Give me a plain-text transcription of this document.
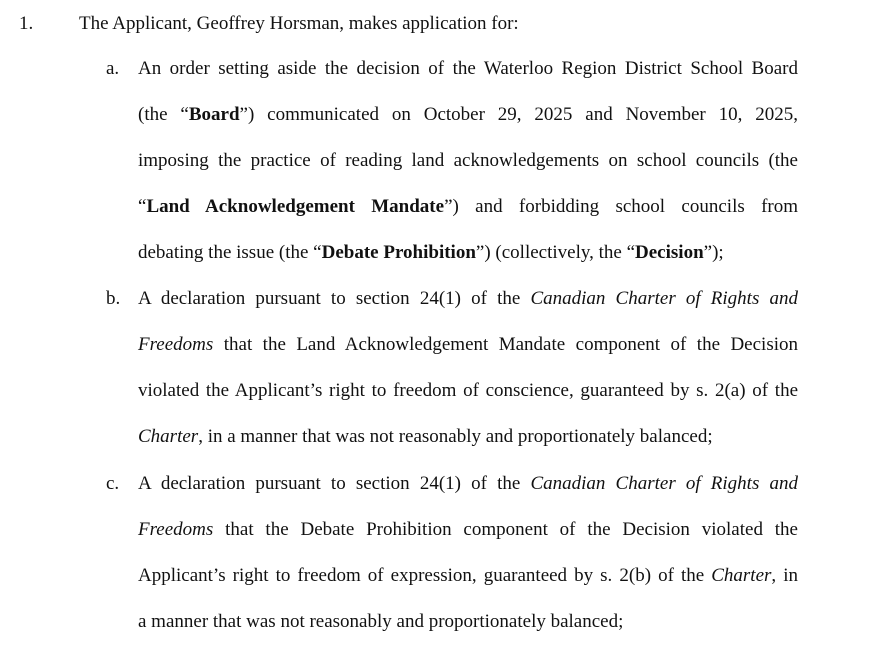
1. The Applicant, Geoffrey Horsman, makes application for:

a. An order setting aside the decision of the Waterloo Region District School Board
(the “Board”) communicated on October 29, 2025 and November 10, 2025,
imposing the practice of reading land acknowledgements on school councils (the
“Land Acknowledgement Mandate”) and forbidding school councils from
debating the issue (the “Debate Prohibition”) (collectively, the “Decision”);

b. A declaration pursuant to section 24(1) of the Canadian Charter of Rights and
Freedoms that the Land Acknowledgement Mandate component of the Decision
violated the Applicant’s right to freedom of conscience, guaranteed by s. 2(a) of the
Charter, in a manner that was not reasonably and proportionately balanced;

c. A declaration pursuant to section 24(1) of the Canadian Charter of Rights and
Freedoms that the Debate Prohibition component of the Decision violated the
Applicant’s right to freedom of expression, guaranteed by s. 2(b) of the Charter, in
a manner that was not reasonably and proportionately balanced;
